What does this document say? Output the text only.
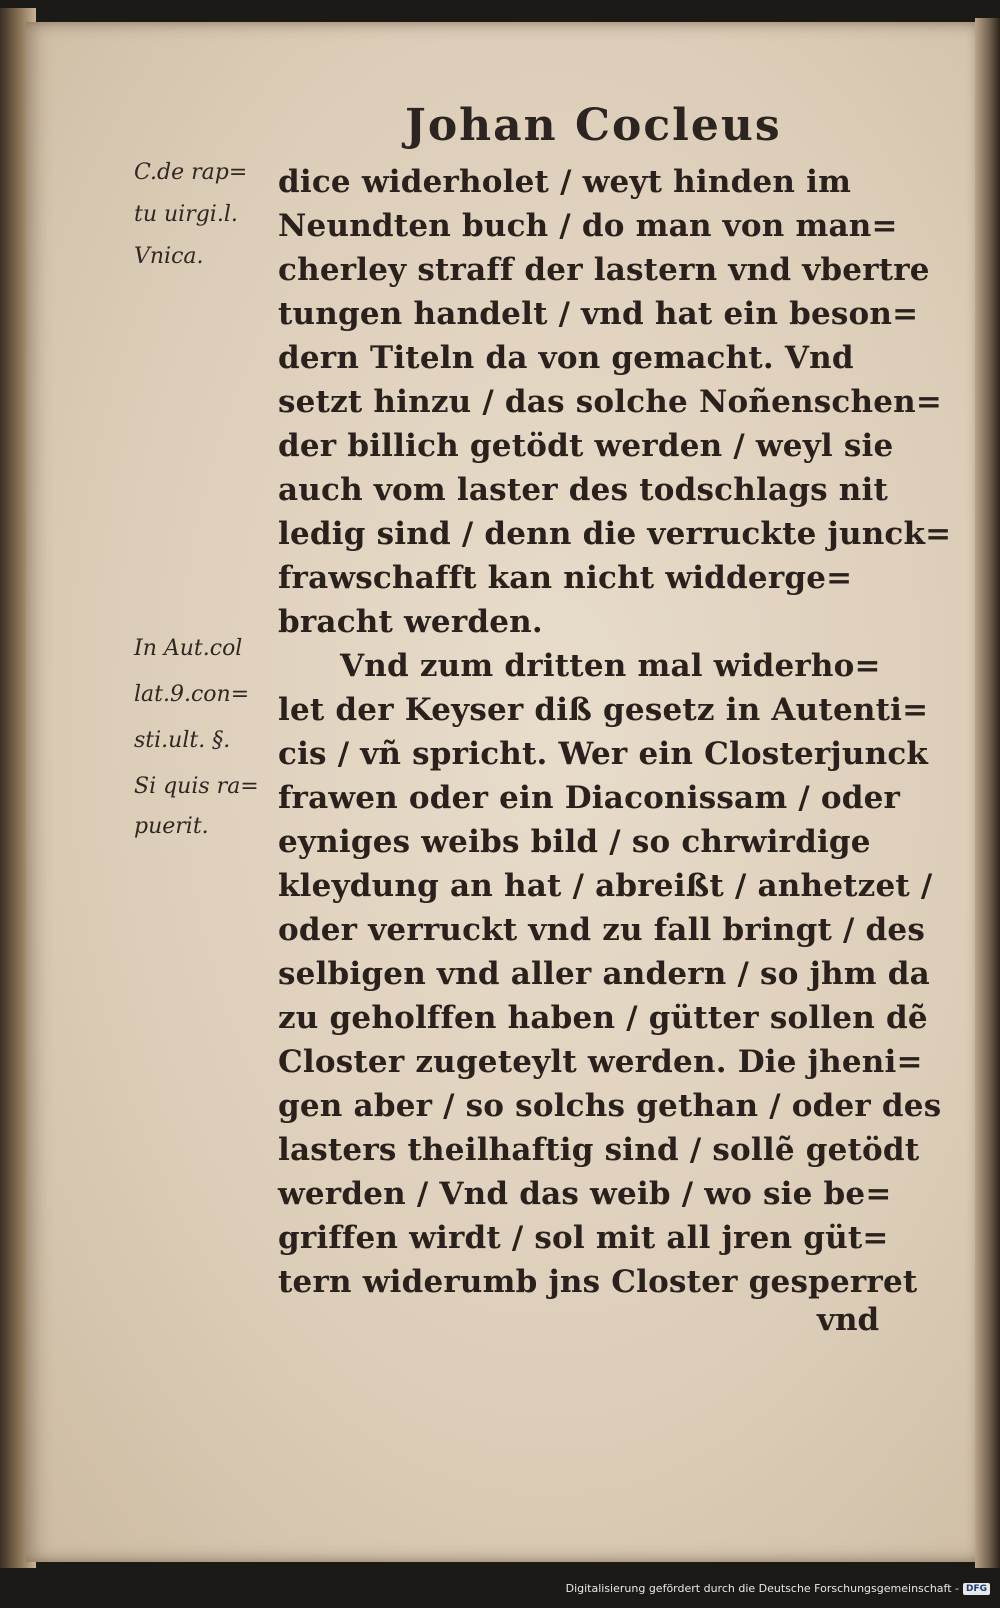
Johan Cocleus
C.de rap=
tu uirgi.l.
Vnica.
In Aut.col
lat.9.con=
sti.ult. §.
Si quis ra=
puerit.
dice widerholet / weyt hinden im
Neundten buch / do man von man=
cherley straff der lastern vnd vbertre
tungen handelt / vnd hat ein beson=
dern Titeln da von gemacht. Vnd
setzt hinzu / das solche Noñenschen=
der billich getödt werden / weyl sie
auch vom laster des todschlags nit
ledig sind / denn die verruckte junck=
frawschafft kan nicht widderge=
bracht werden.
Vnd zum dritten mal widerho=
let der Keyser diß gesetz in Autenti=
cis / vñ spricht. Wer ein Closterjunck
frawen oder ein Diaconissam / oder
eyniges weibs bild / so chrwirdige
kleydung an hat / abreißt / anhetzet /
oder verruckt vnd zu fall bringt / des
selbigen vnd aller andern / so jhm da
zu geholffen haben / gütter sollen dẽ
Closter zugeteylt werden. Die jheni=
gen aber / so solchs gethan / oder des
lasters theilhaftig sind / sollẽ getödt
werden / Vnd das weib / wo sie be=
griffen wirdt / sol mit all jren güt=
tern widerumb jns Closter gesperret
vnd
Digitalisierung gefördert durch die Deutsche Forschungsgemeinschaft - DFG
